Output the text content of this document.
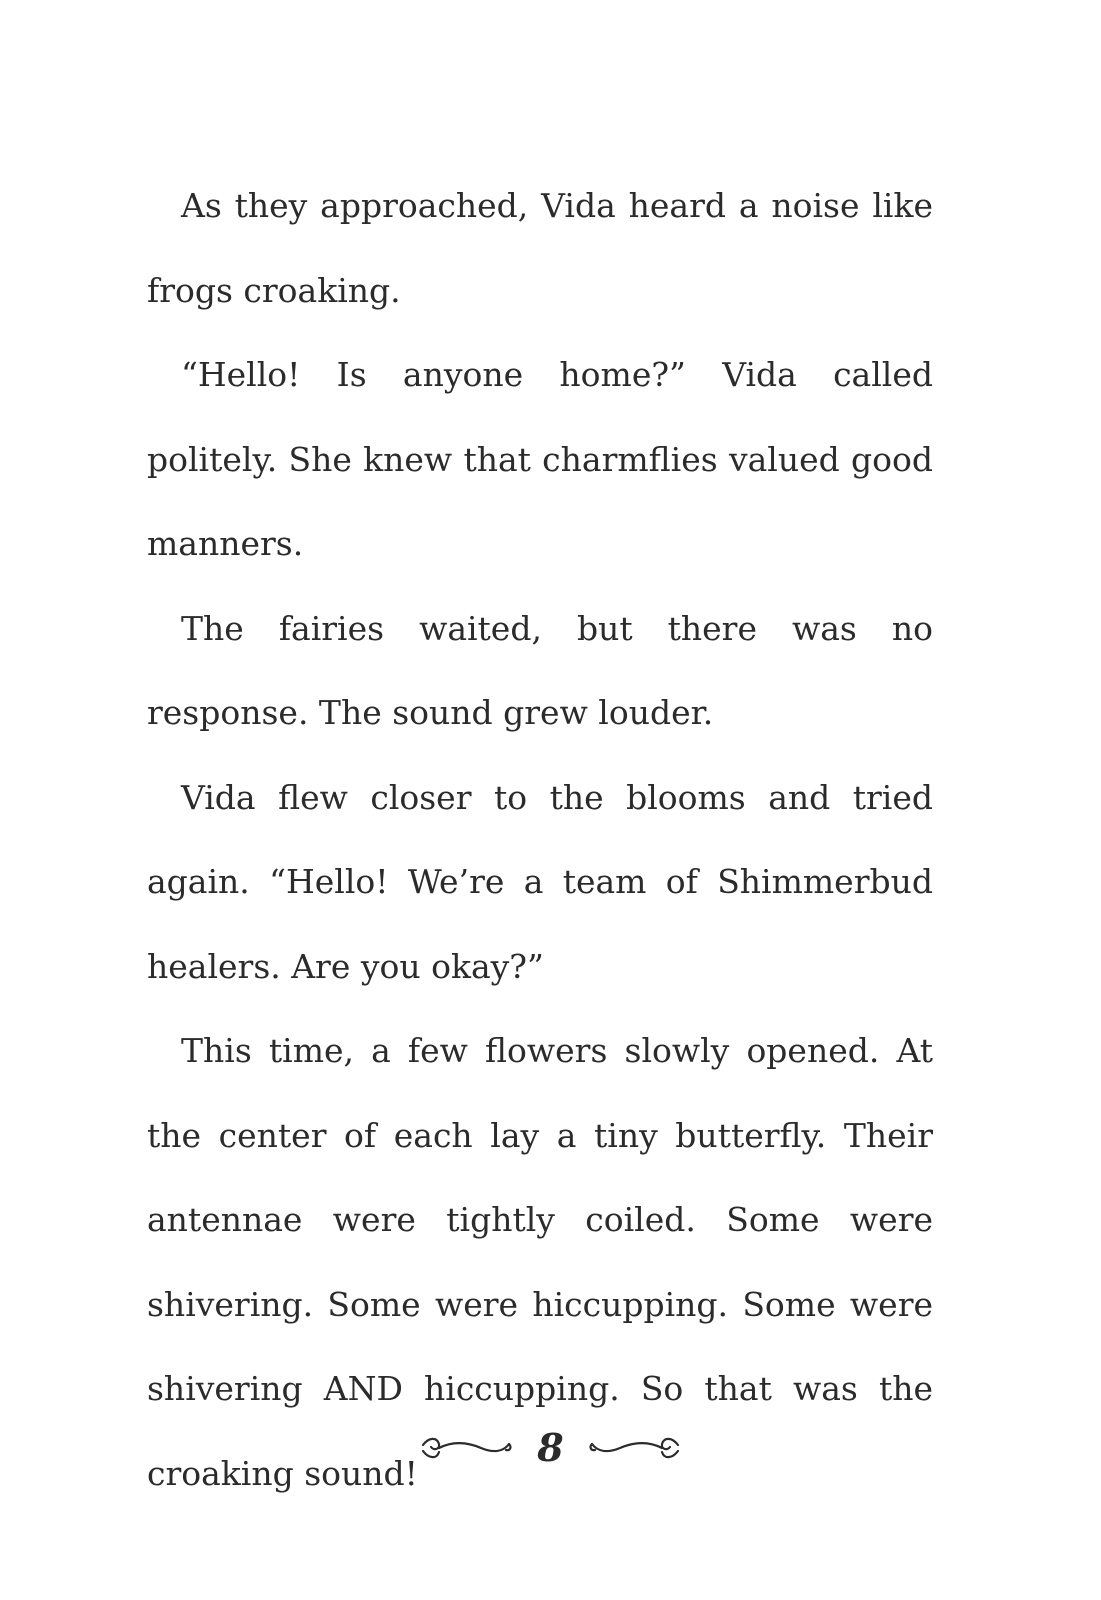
As they approached, Vida heard a noise like frogs croaking.

“Hello! Is anyone home?” Vida called politely. She knew that charmflies valued good manners.

The fairies waited, but there was no response. The sound grew louder.

Vida flew closer to the blooms and tried again. “Hello! We’re a team of Shimmerbud healers. Are you okay?”

This time, a few flowers slowly opened. At the center of each lay a tiny butterfly. Their antennae were tightly coiled. Some were shivering. Some were hiccupping. Some were shivering AND hiccupping. So that was the croaking sound!

8
